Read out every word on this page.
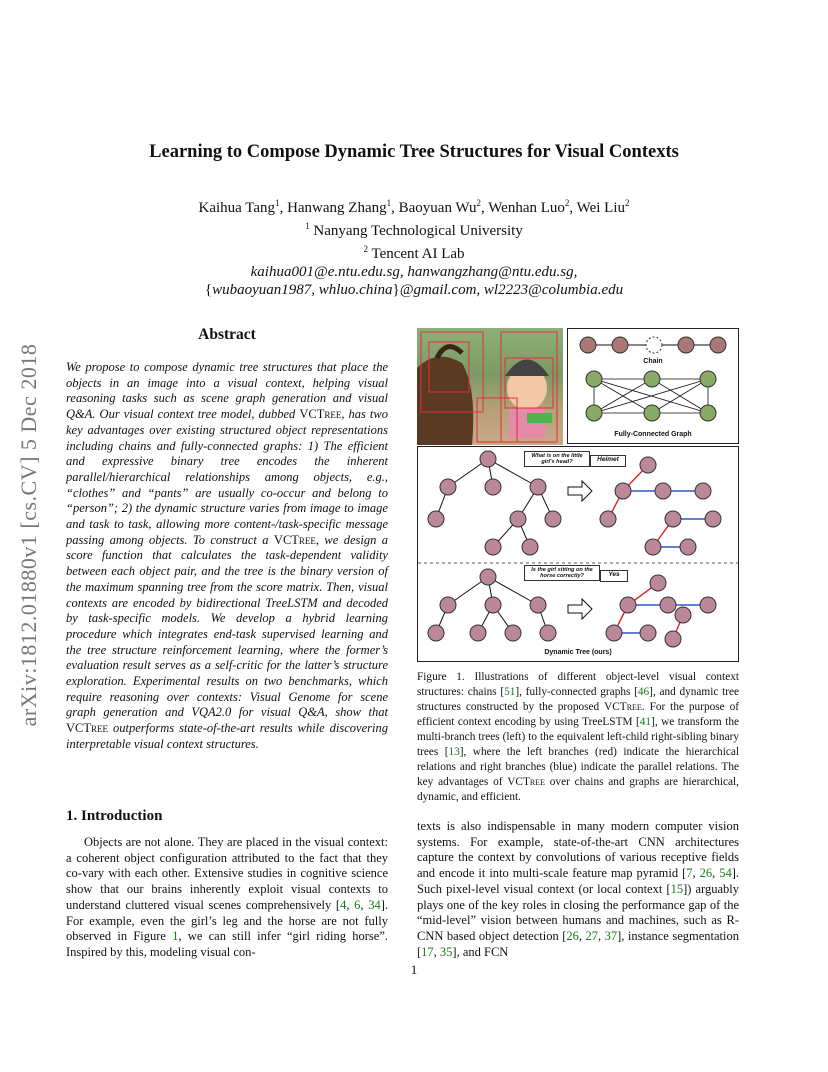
Learning to Compose Dynamic Tree Structures for Visual Contexts
Kaihua Tang$^1$, Hanwang Zhang$^1$, Baoyuan Wu$^2$, Wenhan Luo$^2$, Wei Liu$^2$
$^1$ Nanyang Technological University
$^2$ Tencent AI Lab
kaihua001@e.ntu.edu.sg, hanwangzhang@ntu.edu.sg,
{wubaoyuan1987, whluo.china}@gmail.com, wl2223@columbia.edu
arXiv:1812.01880v1 [cs.CV] 5 Dec 2018
Abstract
We propose to compose dynamic tree structures that place the objects in an image into a visual context, helping visual reasoning tasks such as scene graph generation and visual Q&A. Our visual context tree model, dubbed VCTree, has two key advantages over existing structured object representations including chains and fully-connected graphs: 1) The efficient and expressive binary tree encodes the inherent parallel/hierarchical relationships among objects, e.g., “clothes” and “pants” are usually co-occur and belong to “person”; 2) the dynamic structure varies from image to image and task to task, allowing more content-/task-specific message passing among objects. To construct a VCTree, we design a score function that calculates the task-dependent validity between each object pair, and the tree is the binary version of the maximum spanning tree from the score matrix. Then, visual contexts are encoded by bidirectional TreeLSTM and decoded by task-specific models. We develop a hybrid learning procedure which integrates end-task supervised learning and the tree structure reinforcement learning, where the former’s evaluation result serves as a self-critic for the latter’s structure exploration. Experimental results on two benchmarks, which require reasoning over contexts: Visual Genome for scene graph generation and VQA2.0 for visual Q&A, show that VCTree outperforms state-of-the-art results while discovering interpretable visual context structures.
1. Introduction
Objects are not alone. They are placed in the visual context: a coherent object configuration attributed to the fact that they co-vary with each other. Extensive studies in cognitive science show that our brains inherently exploit visual contexts to understand cluttered visual scenes comprehensively [4, 6, 34]. For example, even the girl’s leg and the horse are not fully observed in Figure 1, we can still infer “girl riding horse”. Inspired by this, modeling visual con-
texts is also indispensable in many modern computer vision systems. For example, state-of-the-art CNN architectures capture the context by convolutions of various receptive fields and encode it into multi-scale feature map pyramid [7, 26, 54]. Such pixel-level visual context (or local context [15]) arguably plays one of the key roles in closing the performance gap of the “mid-level” vision between humans and machines, such as R-CNN based object detection [26, 27, 37], instance segmentation [17, 35], and FCN
Chain
Fully-Connected Graph
What is on the little girl’s head?	Helmet
Is the girl sitting on the horse correctly?	Yes
Dynamic Tree (ours)
Figure 1. Illustrations of different object-level visual context structures: chains [51], fully-connected graphs [46], and dynamic tree structures constructed by the proposed VCTree. For the purpose of efficient context encoding by using TreeLSTM [41], we transform the multi-branch trees (left) to the equivalent left-child right-sibling binary trees [13], where the left branches (red) indicate the hierarchical relations and right branches (blue) indicate the parallel relations. The key advantages of VCTree over chains and graphs are hierarchical, dynamic, and efficient.
1
